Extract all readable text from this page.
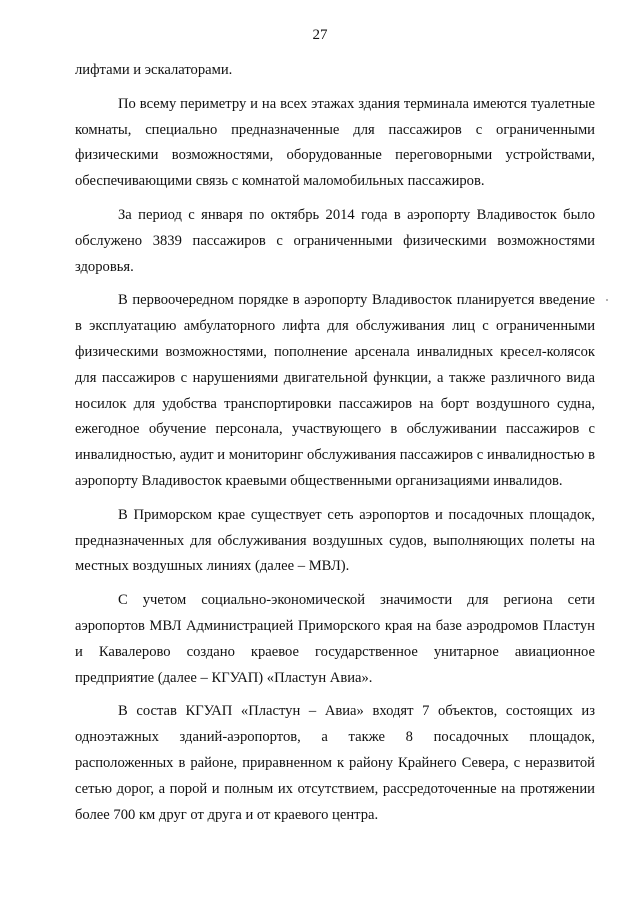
27

лифтами и эскалаторами.

По всему периметру и на всех этажах здания терминала имеются туалетные комнаты, специально предназначенные для пассажиров с ограниченными физическими возможностями, оборудованные переговорными устройствами, обеспечивающими связь с комнатой маломобильных пассажиров.

За период с января по октябрь 2014 года в аэропорту Владивосток было обслужено 3839 пассажиров с ограниченными физическими возможностями здоровья.

В первоочередном порядке в аэропорту Владивосток планируется введение в эксплуатацию амбулаторного лифта для обслуживания лиц с ограниченными физическими возможностями, пополнение арсенала инвалидных кресел-колясок для пассажиров с нарушениями двигательной функции, а также различного вида носилок для удобства транспортировки пассажиров на борт воздушного судна, ежегодное обучение персонала, участвующего в обслуживании пассажиров с инвалидностью, аудит и мониторинг обслуживания пассажиров с инвалидностью в аэропорту Владивосток краевыми общественными организациями инвалидов.

В Приморском крае существует сеть аэропортов и посадочных площадок, предназначенных для обслуживания воздушных судов, выполняющих полеты на местных воздушных линиях (далее – МВЛ).

С учетом социально-экономической значимости для региона сети аэропортов МВЛ Администрацией Приморского края на базе аэродромов Пластун и Кавалерово создано краевое государственное унитарное авиационное предприятие (далее – КГУАП) «Пластун Авиа».

В состав КГУАП «Пластун – Авиа» входят 7 объектов, состоящих из одноэтажных зданий-аэропортов, а также 8 посадочных площадок, расположенных в районе, приравненном к району Крайнего Севера, с неразвитой сетью дорог, а порой и полным их отсутствием, рассредоточенные на протяжении более 700 км друг от друга и от краевого центра.
